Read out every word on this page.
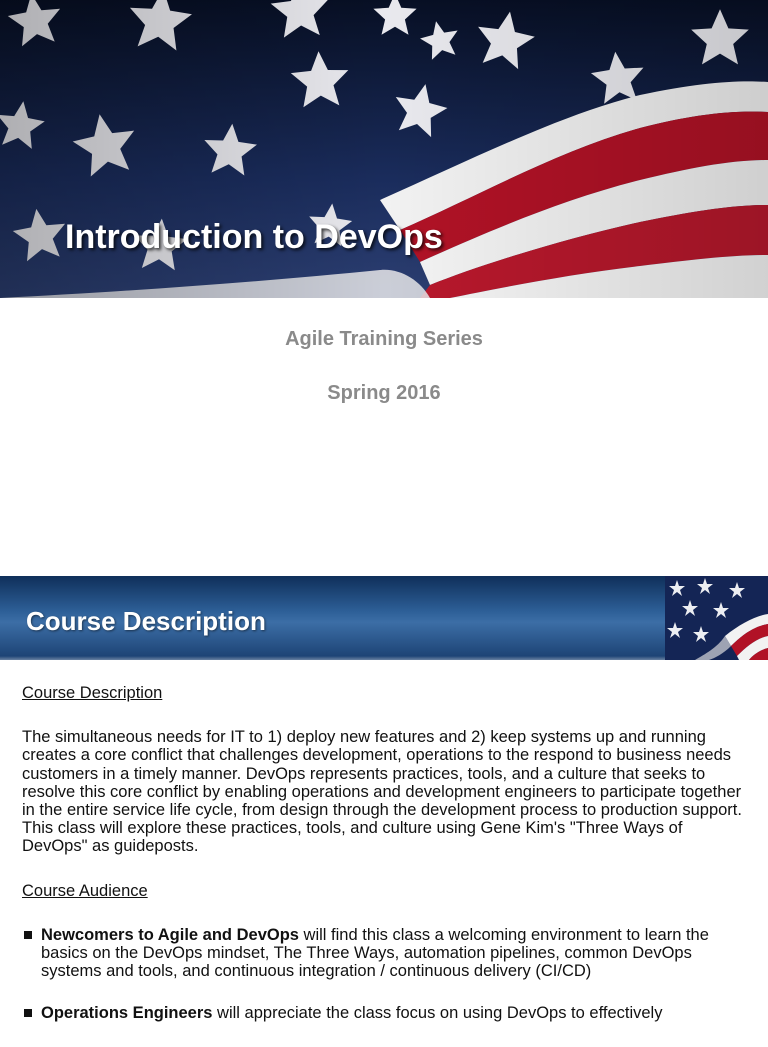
Introduction to DevOps

Agile Training Series

Spring 2016

Course Description

Course Description

The simultaneous needs for IT to 1) deploy new features and 2) keep systems up and running creates a core conflict that challenges development, operations to the respond to business needs customers in a timely manner. DevOps represents practices, tools, and a culture that seeks to resolve this core conflict by enabling operations and development engineers to participate together in the entire service life cycle, from design through the development process to production support. This class will explore these practices, tools, and culture using Gene Kim's "Three Ways of DevOps" as guideposts.

Course Audience

Newcomers to Agile and DevOps will find this class a welcoming environment to learn the basics on the DevOps mindset, The Three Ways, automation pipelines, common DevOps systems and tools, and continuous integration / continuous delivery (CI/CD)
Operations Engineers will appreciate the class focus on using DevOps to effectively
